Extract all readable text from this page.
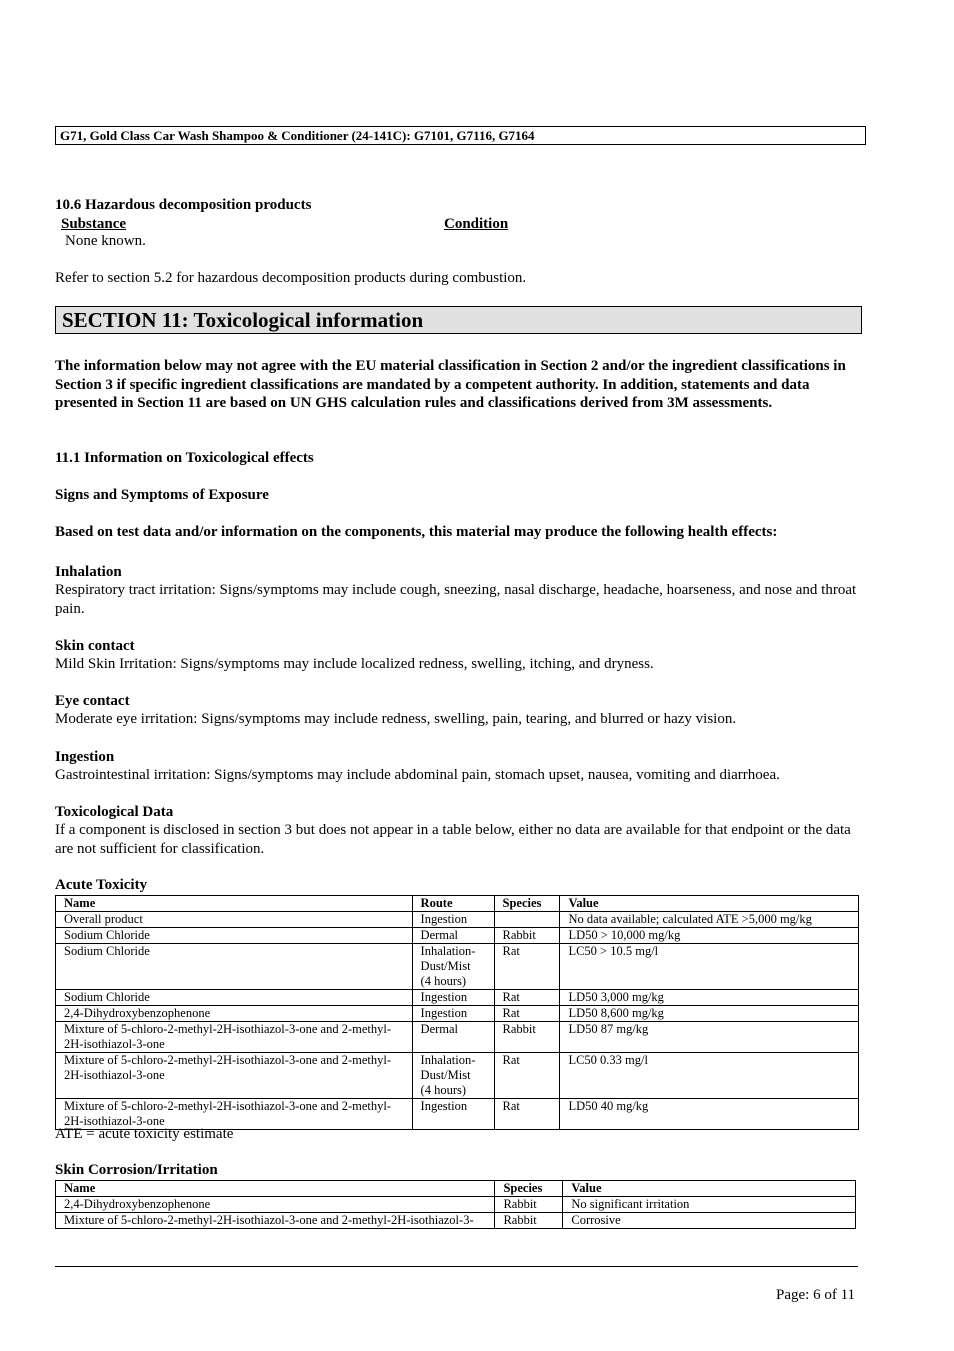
G71, Gold Class Car Wash Shampoo & Conditioner (24-141C): G7101, G7116, G7164
10.6 Hazardous decomposition products
Substance	Condition
None known.
Refer to section 5.2 for hazardous decomposition products during combustion.
SECTION 11: Toxicological information
The information below may not agree with the EU material classification in Section 2 and/or the ingredient classifications in Section 3 if specific ingredient classifications are mandated by a competent authority. In addition, statements and data presented in Section 11 are based on UN GHS calculation rules and classifications derived from 3M assessments.
11.1 Information on Toxicological effects
Signs and Symptoms of Exposure
Based on test data and/or information on the components, this material may produce the following health effects:
Inhalation
Respiratory tract irritation: Signs/symptoms may include cough, sneezing, nasal discharge, headache, hoarseness, and nose and throat pain.
Skin contact
Mild Skin Irritation: Signs/symptoms may include localized redness, swelling, itching, and dryness.
Eye contact
Moderate eye irritation: Signs/symptoms may include redness, swelling, pain, tearing, and blurred or hazy vision.
Ingestion
Gastrointestinal irritation: Signs/symptoms may include abdominal pain, stomach upset, nausea, vomiting and diarrhoea.
Toxicological Data
If a component is disclosed in section 3 but does not appear in a table below, either no data are available for that endpoint or the data are not sufficient for classification.
Acute Toxicity
Name	Route	Species	Value
Overall product	Ingestion		No data available; calculated ATE >5,000 mg/kg
Sodium Chloride	Dermal	Rabbit	LD50 > 10,000 mg/kg
Sodium Chloride	Inhalation-
Dust/Mist
(4 hours)	Rat	LC50 > 10.5 mg/l
Sodium Chloride	Ingestion	Rat	LD50 3,000 mg/kg
2,4-Dihydroxybenzophenone	Ingestion	Rat	LD50 8,600 mg/kg
Mixture of 5-chloro-2-methyl-2H-isothiazol-3-one and 2-methyl-
2H-isothiazol-3-one	Dermal	Rabbit	LD50 87 mg/kg
Mixture of 5-chloro-2-methyl-2H-isothiazol-3-one and 2-methyl-
2H-isothiazol-3-one	Inhalation-
Dust/Mist
(4 hours)	Rat	LC50 0.33 mg/l
Mixture of 5-chloro-2-methyl-2H-isothiazol-3-one and 2-methyl-
2H-isothiazol-3-one	Ingestion	Rat	LD50 40 mg/kg
ATE = acute toxicity estimate
Skin Corrosion/Irritation
Name	Species	Value
2,4-Dihydroxybenzophenone	Rabbit	No significant irritation
Mixture of 5-chloro-2-methyl-2H-isothiazol-3-one and 2-methyl-2H-isothiazol-3-	Rabbit	Corrosive
Page: 6 of 11
